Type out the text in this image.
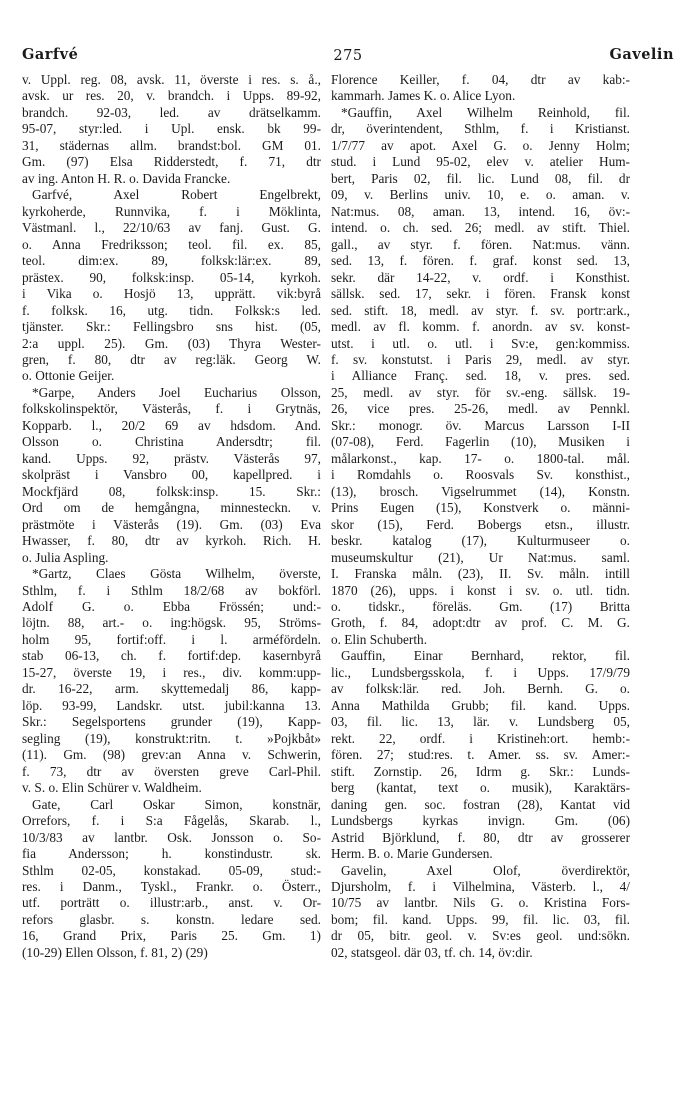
Garfvé	275	Gavelin
v. Uppl. reg. 08, avsk. 11, överste i res. s. å.,
avsk. ur res. 20, v. brandch. i Upps. 89-92,
brandch. 92-03, led. av drätselkamm.
95-07, styr:led. i Upl. ensk. bk 99-
31, städernas allm. brandst:bol. GM 01.
Gm. (97) Elsa Ridderstedt, f. 71, dtr
av ing. Anton H. R. o. Davida Francke.
Garfvé, Axel Robert Engelbrekt,
kyrkoherde, Runnvika, f. i Möklinta,
Västmanl. l., 22/10/63 av fanj. Gust. G.
o. Anna Fredriksson; teol. fil. ex. 85,
teol. dim:ex. 89, folksk:lär:ex. 89,
prästex. 90, folksk:insp. 05-14, kyrkoh.
i Vika o. Hosjö 13, upprätt. vik:byrå
f. folksk. 16, utg. tidn. Folksk:s led.
tjänster. Skr.: Fellingsbro sns hist. (05,
2:a uppl. 25). Gm. (03) Thyra Wester-
gren, f. 80, dtr av reg:läk. Georg W.
o. Ottonie Geijer.
*Garpe, Anders Joel Eucharius Olsson,
folkskolinspektör, Västerås, f. i Grytnäs,
Kopparb. l., 20/2 69 av hdsdom. And.
Olsson o. Christina Andersdtr; fil.
kand. Upps. 92, prästv. Västerås 97,
skolpräst i Vansbro 00, kapellpred. i
Mockfjärd 08, folksk:insp. 15. Skr.:
Ord om de hemgångna, minnesteckn. v.
prästmöte i Västerås (19). Gm. (03) Eva
Hwasser, f. 80, dtr av kyrkoh. Rich. H.
o. Julia Aspling.
*Gartz, Claes Gösta Wilhelm, överste,
Sthlm, f. i Sthlm 18/2/68 av bokförl.
Adolf G. o. Ebba Frössén; und:-
löjtn. 88, art.- o. ing:högsk. 95, Ströms-
holm 95, fortif:off. i l. arméfördeln.
stab 06-13, ch. f. fortif:dep. kasernbyrå
15-27, överste 19, i res., div. komm:upp-
dr. 16-22, arm. skyttemedalj 86, kapp-
löp. 93-99, Landskr. utst. jubil:kanna 13.
Skr.: Segelsportens grunder (19), Kapp-
segling (19), konstrukt:ritn. t. »Pojkbåt»
(11). Gm. (98) grev:an Anna v. Schwerin,
f. 73, dtr av översten greve Carl-Phil.
v. S. o. Elin Schürer v. Waldheim.
Gate, Carl Oskar Simon, konstnär,
Orrefors, f. i S:a Fågelås, Skarab. l.,
10/3/83 av lantbr. Osk. Jonsson o. So-
fia Andersson; h. konstindustr. sk.
Sthlm 02-05, konstakad. 05-09, stud:-
res. i Danm., Tyskl., Frankr. o. Österr.,
utf. porträtt o. illustr:arb., anst. v. Or-
refors glasbr. s. konstn. ledare sed.
16, Grand Prix, Paris 25. Gm. 1)
(10-29) Ellen Olsson, f. 81, 2) (29)
Florence Keiller, f. 04, dtr av kab:-
kammarh. James K. o. Alice Lyon.
*Gauffin, Axel Wilhelm Reinhold, fil.
dr, överintendent, Sthlm, f. i Kristianst.
1/7/77 av apot. Axel G. o. Jenny Holm;
stud. i Lund 95-02, elev v. atelier Hum-
bert, Paris 02, fil. lic. Lund 08, fil. dr
09, v. Berlins univ. 10, e. o. aman. v.
Nat:mus. 08, aman. 13, intend. 16, öv:-
intend. o. ch. sed. 26; medl. av stift. Thiel.
gall., av styr. f. fören. Nat:mus. vänn.
sed. 13, f. fören. f. graf. konst sed. 13,
sekr. där 14-22, v. ordf. i Konsthist.
sällsk. sed. 17, sekr. i fören. Fransk konst
sed. stift. 18, medl. av styr. f. sv. portr:ark.,
medl. av fl. komm. f. anordn. av sv. konst-
utst. i utl. o. utl. i Sv:e, gen:kommiss.
f. sv. konstutst. i Paris 29, medl. av styr.
i Alliance Franç. sed. 18, v. pres. sed.
25, medl. av styr. för sv.-eng. sällsk. 19-
26, vice pres. 25-26, medl. av Pennkl.
Skr.: monogr. öv. Marcus Larsson I-II
(07-08), Ferd. Fagerlin (10), Musiken i
målarkonst., kap. 17- o. 1800-tal. mål.
i Romdahls o. Roosvals Sv. konsthist.,
(13), brosch. Vigselrummet (14), Konstn.
Prins Eugen (15), Konstverk o. männi-
skor (15), Ferd. Bobergs etsn., illustr.
beskr. katalog (17), Kulturmuseer o.
museumskultur (21), Ur Nat:mus. saml.
I. Franska måln. (23), II. Sv. måln. intill
1870 (26), upps. i konst i sv. o. utl. tidn.
o. tidskr., föreläs. Gm. (17) Britta
Groth, f. 84, adopt:dtr av prof. C. M. G.
o. Elin Schuberth.
Gauffin, Einar Bernhard, rektor, fil.
lic., Lundsbergsskola, f. i Upps. 17/9/79
av folksk:lär. red. Joh. Bernh. G. o.
Anna Mathilda Grubb; fil. kand. Upps.
03, fil. lic. 13, lär. v. Lundsberg 05,
rekt. 22, ordf. i Kristineh:ort. hemb:-
fören. 27; stud:res. t. Amer. ss. sv. Amer:-
stift. Zornstip. 26, Idrm g. Skr.: Lunds-
berg (kantat, text o. musik), Karaktärs-
daning gen. soc. fostran (28), Kantat vid
Lundsbergs kyrkas invign. Gm. (06)
Astrid Björklund, f. 80, dtr av grosserer
Herm. B. o. Marie Gundersen.
Gavelin, Axel Olof, överdirektör,
Djursholm, f. i Vilhelmina, Västerb. l., 4/
10/75 av lantbr. Nils G. o. Kristina Fors-
bom; fil. kand. Upps. 99, fil. lic. 03, fil.
dr 05, bitr. geol. v. Sv:es geol. und:sökn.
02, statsgeol. där 03, tf. ch. 14, öv:dir.
